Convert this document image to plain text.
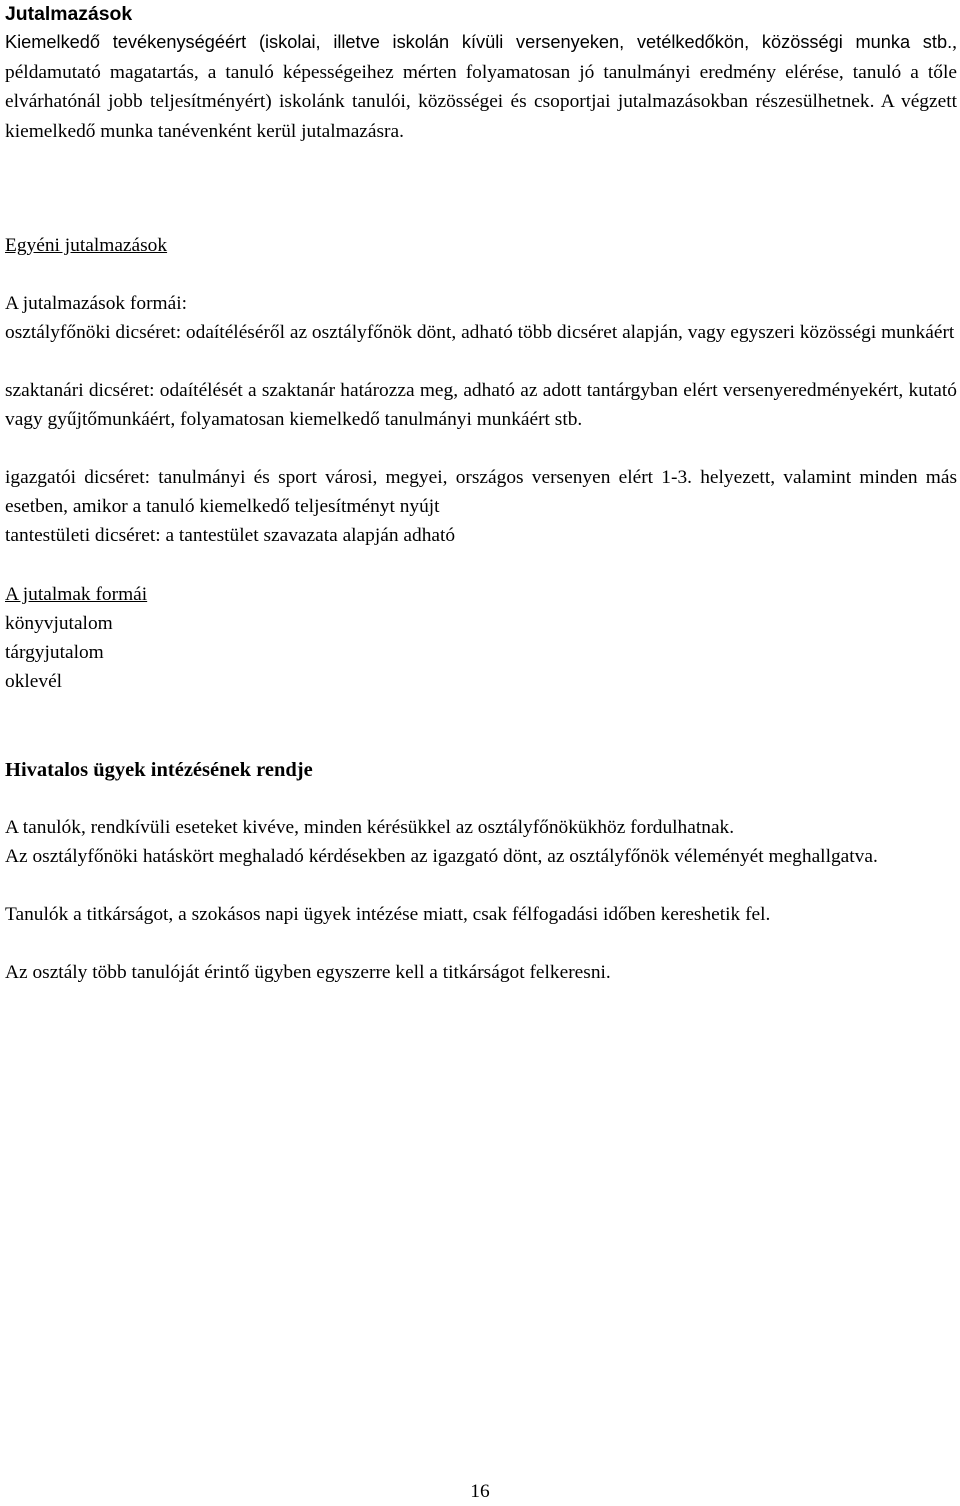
Jutalmazások

Kiemelkedő tevékenységéért (iskolai, illetve iskolán kívüli versenyeken, vetélkedőkön, közösségi munka stb., példamutató magatartás, a tanuló képességeihez mérten folyamatosan jó tanulmányi eredmény elérése, tanuló a tőle elvárhatónál jobb teljesítményért) iskolánk tanulói, közösségei és csoportjai jutalmazásokban részesülhetnek. A végzett kiemelkedő munka tanévenként kerül jutalmazásra.

Egyéni jutalmazások

A jutalmazások formái:

osztályfőnöki dicséret: odaítéléséről az osztályfőnök dönt, adható több dicséret alapján, vagy egyszeri közösségi munkáért

szaktanári dicséret: odaítélését a szaktanár határozza meg, adható az adott tantárgyban elért versenyeredményekért, kutató vagy gyűjtőmunkáért, folyamatosan kiemelkedő tanulmányi munkáért stb.

igazgatói dicséret: tanulmányi és sport városi, megyei, országos versenyen elért 1-3. helyezett, valamint minden más esetben, amikor a tanuló kiemelkedő teljesítményt nyújt

tantestületi dicséret: a tantestület szavazata alapján adható

A jutalmak formái

könyvjutalom

tárgyjutalom

oklevél

Hivatalos ügyek intézésének rendje

A tanulók, rendkívüli eseteket kivéve, minden kérésükkel az osztályfőnökükhöz fordulhatnak.

Az osztályfőnöki hatáskört meghaladó kérdésekben az igazgató dönt, az osztályfőnök véleményét meghallgatva.

Tanulók a titkárságot, a szokásos napi ügyek intézése miatt, csak félfogadási időben kereshetik fel.

Az osztály több tanulóját érintő ügyben egyszerre kell a titkárságot felkeresni.

16
